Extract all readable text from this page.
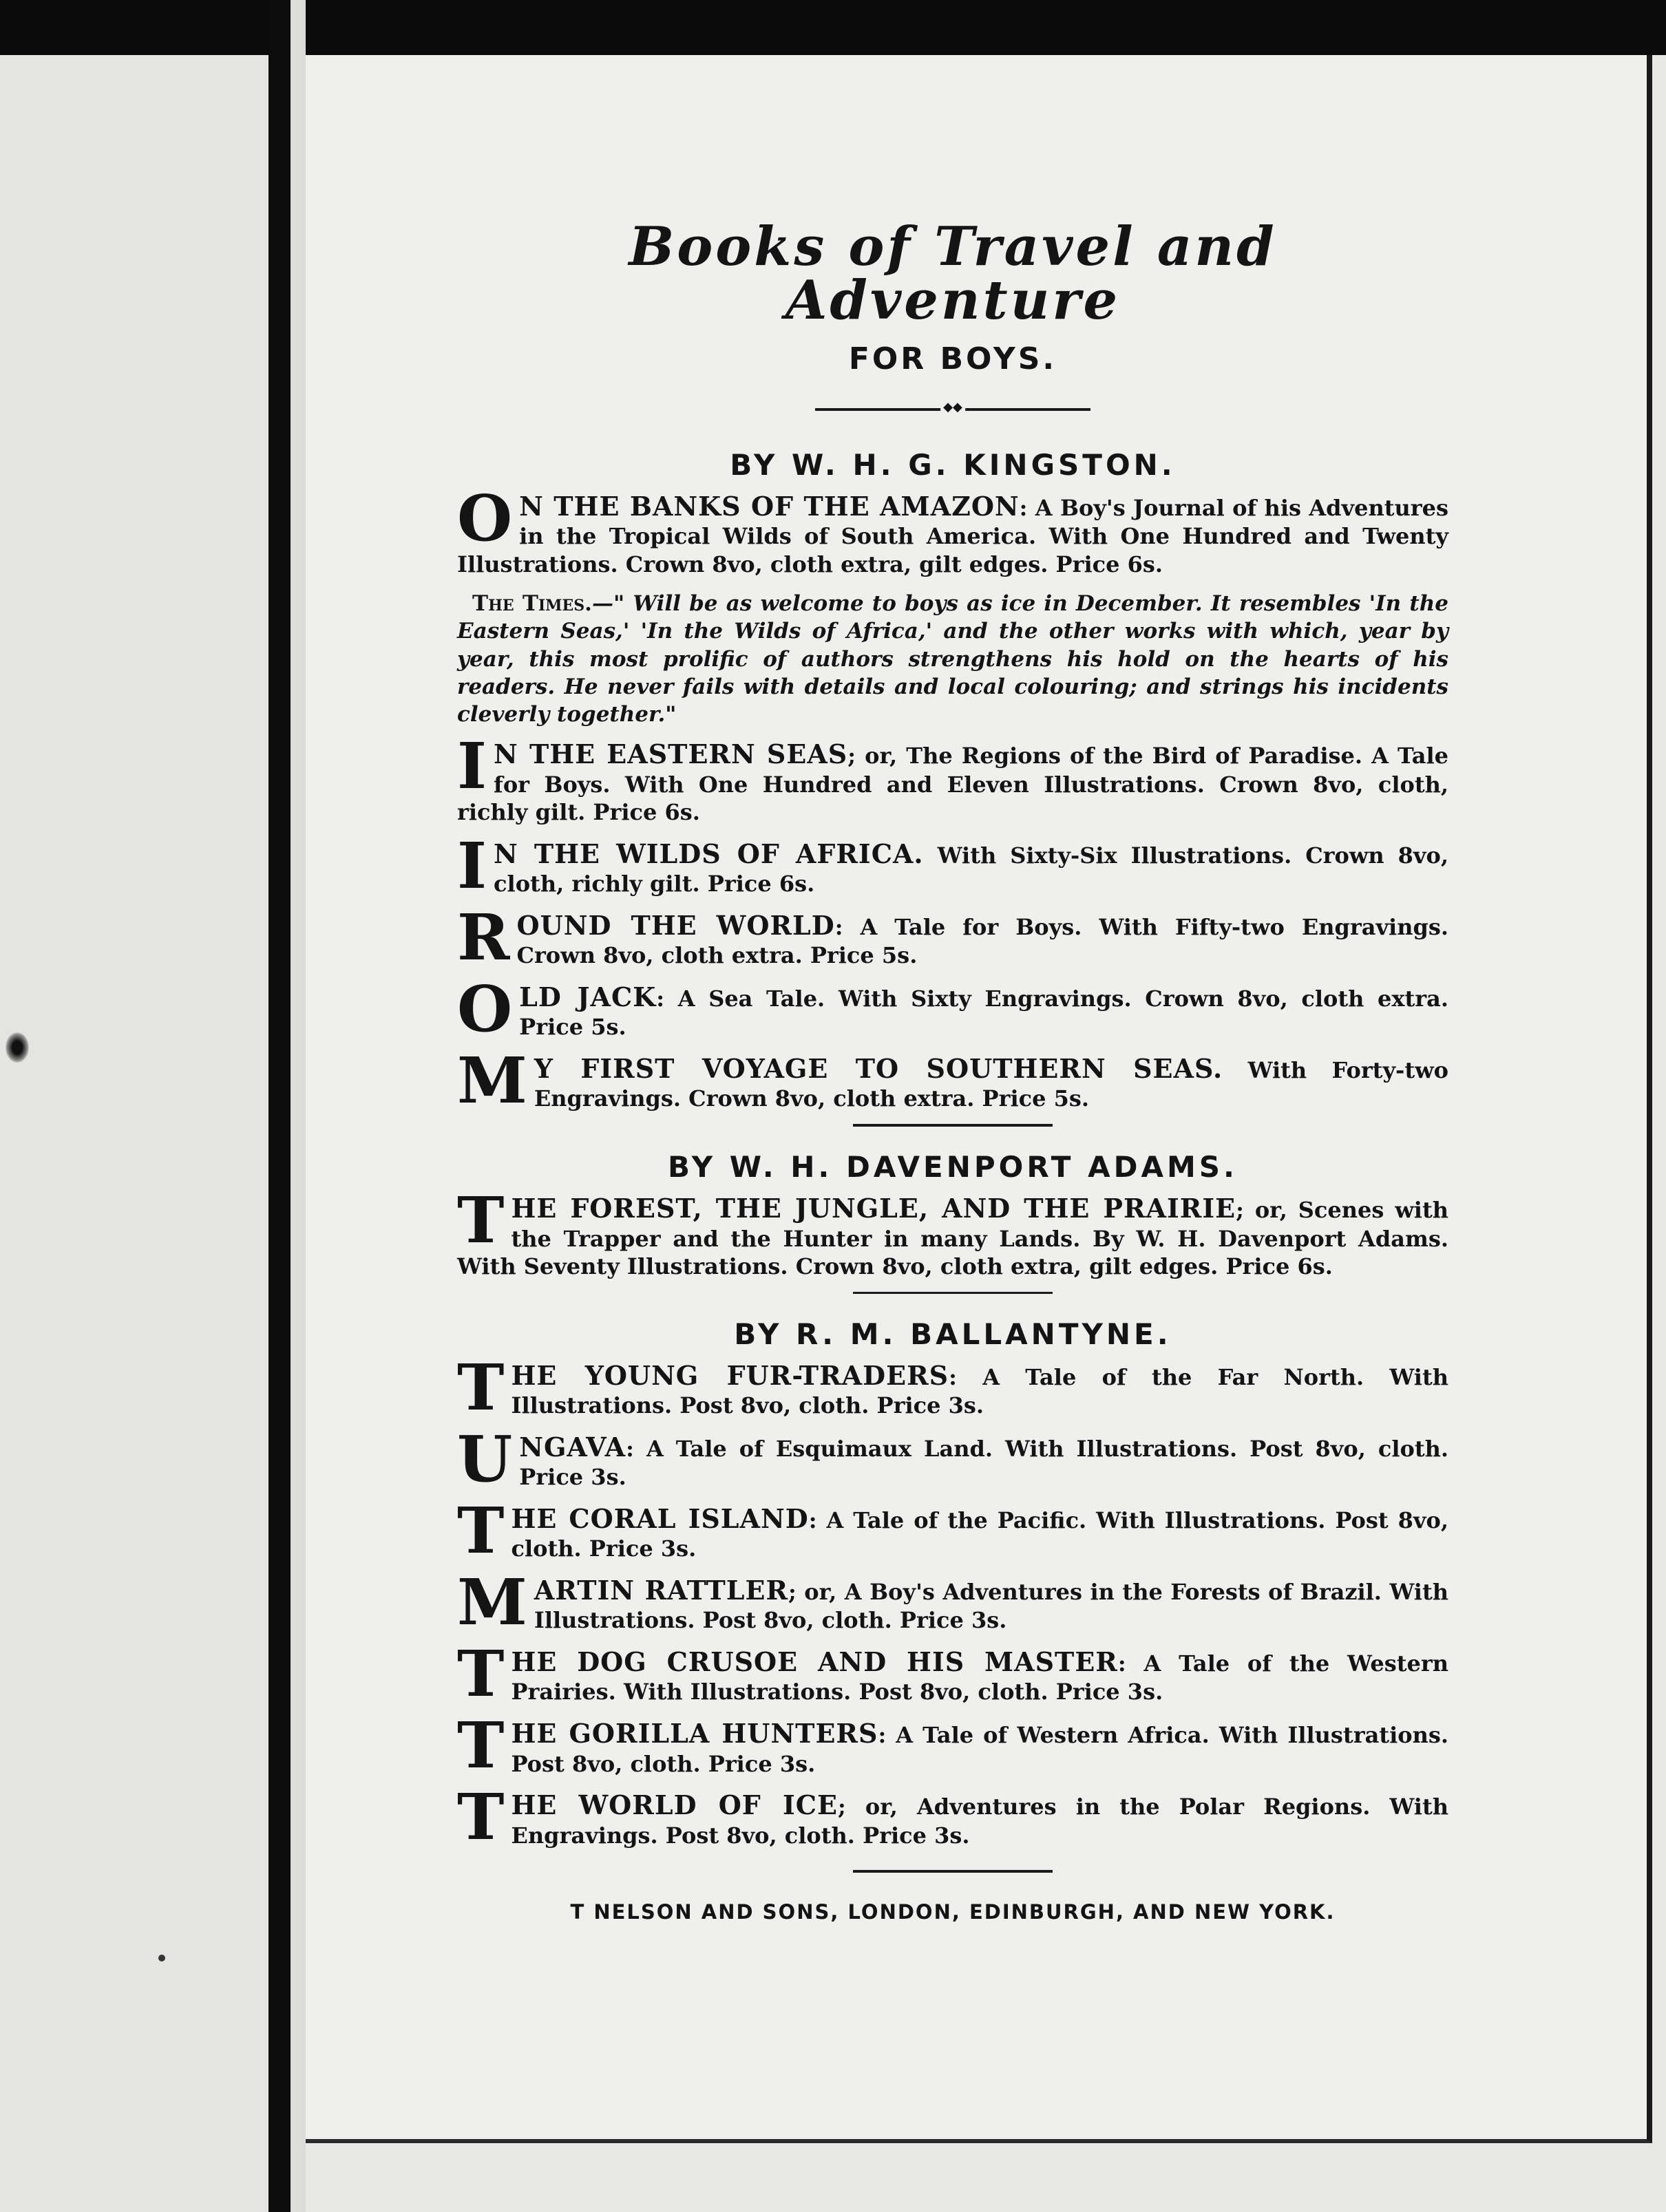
Books of Travel and Adventure
FOR BOYS.
◆◆
BY W. H. G. KINGSTON.
O N THE BANKS OF THE AMAZON: A Boy's Journal of his Adventures in the Tropical Wilds of South America. With One Hundred and Twenty Illustrations. Crown 8vo, cloth extra, gilt edges. Price 6s.
The Times.—" Will be as welcome to boys as ice in December. It resembles 'In the Eastern Seas,' 'In the Wilds of Africa,' and the other works with which, year by year, this most prolific of authors strengthens his hold on the hearts of his readers. He never fails with details and local colouring; and strings his incidents cleverly together."
I N THE EASTERN SEAS; or, The Regions of the Bird of Paradise. A Tale for Boys. With One Hundred and Eleven Illustrations. Crown 8vo, cloth, richly gilt. Price 6s.
I N THE WILDS OF AFRICA. With Sixty-Six Illustrations. Crown 8vo, cloth, richly gilt. Price 6s.
ROUND THE WORLD: A Tale for Boys. With Fifty-two Engravings. Crown 8vo, cloth extra. Price 5s.
OLD JACK: A Sea Tale. With Sixty Engravings. Crown 8vo, cloth extra. Price 5s.
M Y FIRST VOYAGE TO SOUTHERN SEAS. With Forty-two Engravings. Crown 8vo, cloth extra. Price 5s.
BY W. H. DAVENPORT ADAMS.
THE FOREST, THE JUNGLE, AND THE PRAIRIE; or, Scenes with the Trapper and the Hunter in many Lands. By W. H. Davenport Adams. With Seventy Illustrations. Crown 8vo, cloth extra, gilt edges. Price 6s.
BY R. M. BALLANTYNE.
THE YOUNG FUR-TRADERS: A Tale of the Far North. With Illustrations. Post 8vo, cloth. Price 3s.
UNGAVA: A Tale of Esquimaux Land. With Illustrations. Post 8vo, cloth. Price 3s.
THE CORAL ISLAND: A Tale of the Pacific. With Illustrations. Post 8vo, cloth. Price 3s.
MARTIN RATTLER; or, A Boy's Adventures in the Forests of Brazil. With Illustrations. Post 8vo, cloth. Price 3s.
THE DOG CRUSOE AND HIS MASTER: A Tale of the Western Prairies. With Illustrations. Post 8vo, cloth. Price 3s.
THE GORILLA HUNTERS: A Tale of Western Africa. With Illustrations. Post 8vo, cloth. Price 3s.
THE WORLD OF ICE; or, Adventures in the Polar Regions. With Engravings. Post 8vo, cloth. Price 3s.
T NELSON AND SONS, LONDON, EDINBURGH, AND NEW YORK.
